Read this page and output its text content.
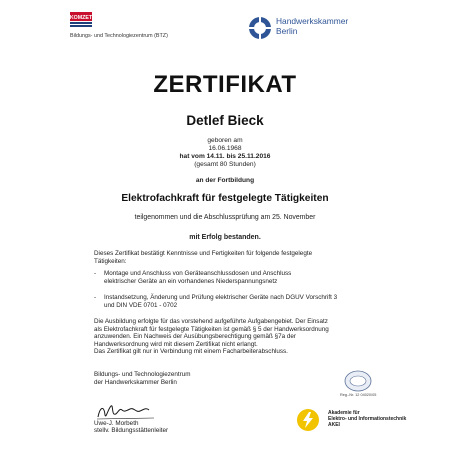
KOMZET
Bildungs- und Technologiezentrum (BTZ)
Handwerkskammer
Berlin
ZERTIFIKAT
Detlef Bieck
geboren am
16.06.1968
hat vom 14.11. bis 25.11.2016
(gesamt 80 Stunden)
an der Fortbildung
Elektrofachkraft für festgelegte Tätigkeiten
teilgenommen und die Abschlussprüfung am 25. November
mit Erfolg bestanden.
Dieses Zertifikat bestätigt Kenntnisse und Fertigkeiten für folgende festgelegte
Tätigkeiten:
-	Montage und Anschluss von Geräteanschlussdosen und Anschluss
elektrischer Geräte an ein vorhandenes Niederspannungsnetz
-	Instandsetzung, Änderung und Prüfung elektrischer Geräte nach DGUV Vorschrift 3
und DIN VDE 0701 - 0702
Die Ausbildung erfolgte für das vorstehend aufgeführte Aufgabengebiet. Der Einsatz
als Elektrofachkraft für festgelegte Tätigkeiten ist gemäß § 5 der Handwerksordnung
anzuwenden. Ein Nachweis der Ausübungsberechtigung gemäß §7a der
Handwerksordnung wird mit diesem Zertifikat nicht erlangt.
Das Zertifikat gilt nur in Verbindung mit einem Facharbeiterabschluss.
Bildungs- und Technologiezentrum
der Handwerkskammer Berlin
Uwe-J. Morbeth
stellv. Bildungsstättenleiter
Reg.-Nr. 12 04020/05
Akademie für
Elektro- und Informationstechnik
AKEI
